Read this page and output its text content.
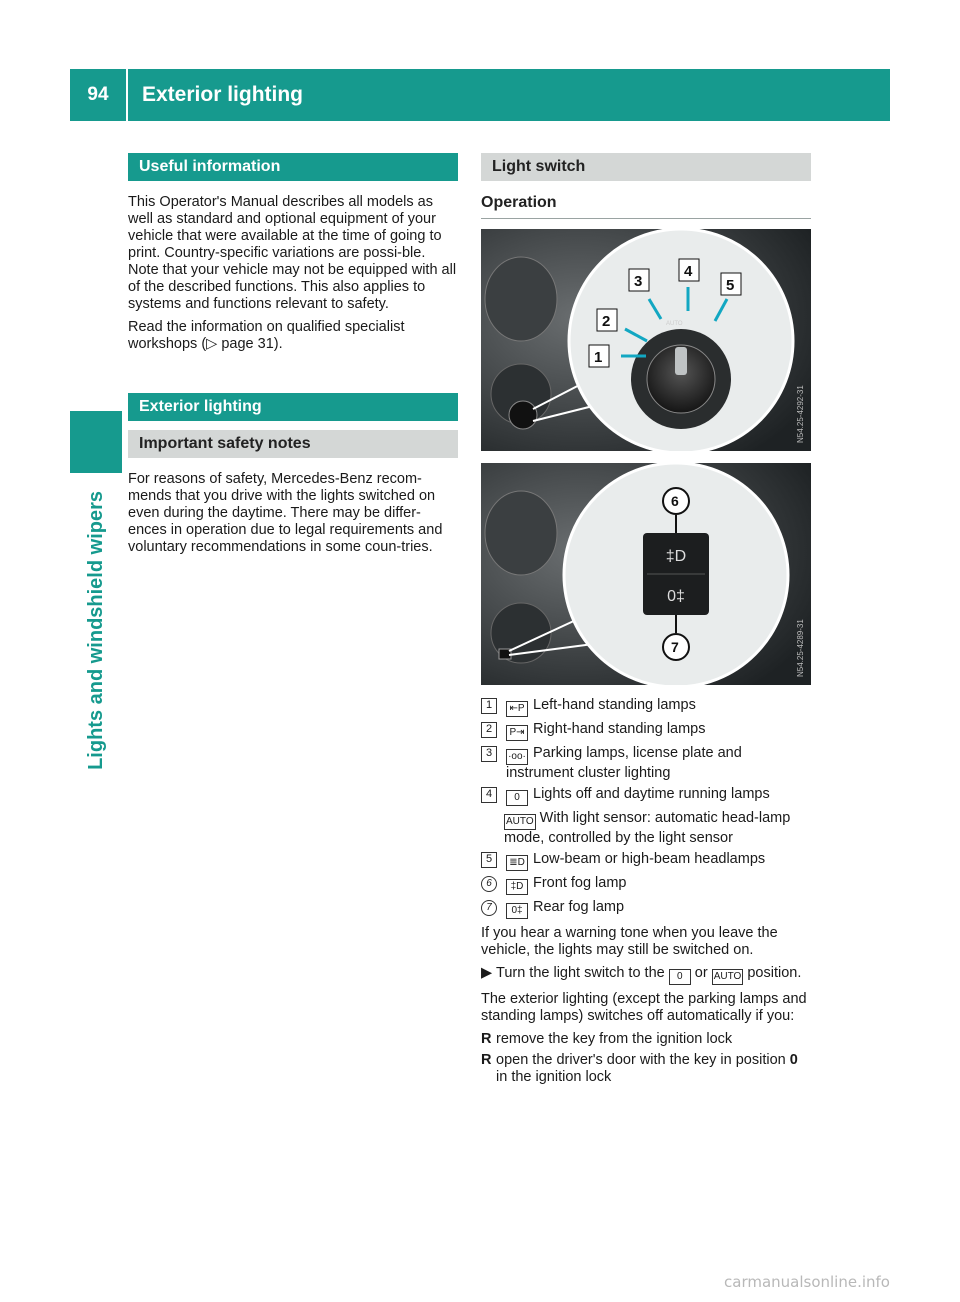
94	Exterior lighting
Lights and windshield wipers
Useful information

This Operator's Manual describes all models as well as standard and optional equipment of your vehicle that were available at the time of going to print. Country-specific variations are possi-ble. Note that your vehicle may not be equipped with all of the described functions. This also applies to systems and functions relevant to safety.

Read the information on qualified specialist workshops (▷ page 31).

Exterior lighting
Important safety notes

For reasons of safety, Mercedes-Benz recom-mends that you drive with the lights switched on even during the daytime. There may be differ-ences in operation due to legal requirements and voluntary recommendations in some coun-tries.

Light switch
Operation
AUTO
1
2
3
4
5
N54.25-4292-31
‡D
0‡
6
7	N54.25-4289-31
1	⇤P Left-hand standing lamps
2	P⇥ Right-hand standing lamps
3	·oo· Parking lamps, license plate and instrument cluster lighting
4	0 Lights off and daytime running lamps
AUTO With light sensor: automatic head-lamp mode, controlled by the light sensor
5	≣D Low-beam or high-beam headlamps
6	‡D Front fog lamp
7	0‡ Rear fog lamp

If you hear a warning tone when you leave the vehicle, the lights may still be switched on.

▶ Turn the light switch to the 0 or AUTO position.

The exterior lighting (except the parking lamps and standing lamps) switches off automatically if you:

R remove the key from the ignition lock
R open the driver's door with the key in position 0 in the ignition lock
carmanualsonline.info
